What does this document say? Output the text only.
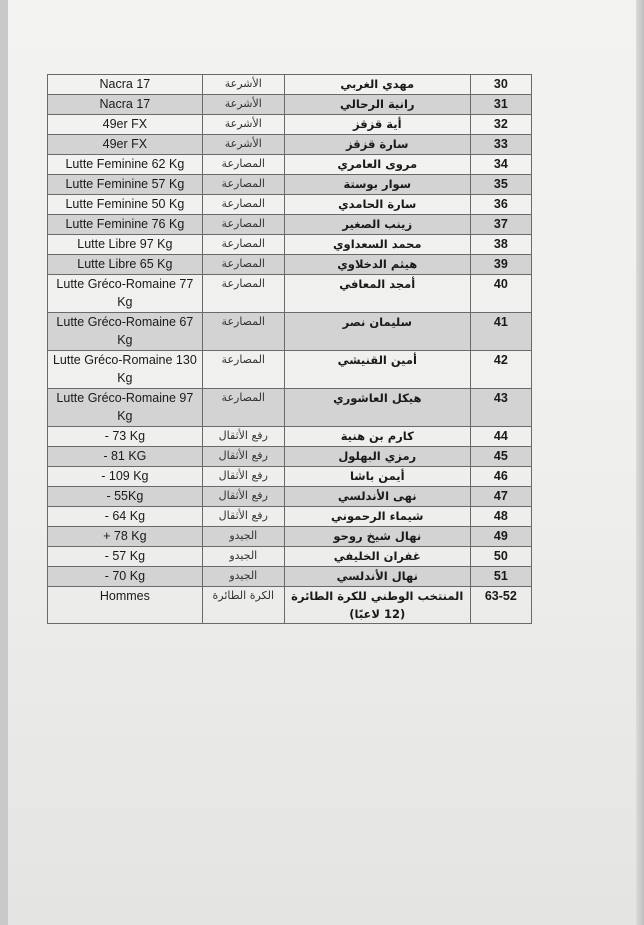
Nacra 17	الأشرعة	مهدي الغربي	30
Nacra 17	الأشرعة	رانية الرحالي	31
49er FX	الأشرعة	أية قزقز	32
49er FX	الأشرعة	سارة قزقز	33
Lutte Feminine 62 Kg	المصارعة	مروى العامري	34
Lutte Feminine 57 Kg	المصارعة	سوار بوستة	35
Lutte Feminine 50 Kg	المصارعة	سارة الحامدي	36
Lutte Feminine 76 Kg	المصارعة	زينب الصغير	37
Lutte Libre 97 Kg	المصارعة	محمد السعداوي	38
Lutte Libre 65 Kg	المصارعة	هيثم الدخلاوي	39
Lutte Gréco-Romaine 77 Kg	المصارعة	أمجد المعافي	40
Lutte Gréco-Romaine 67 Kg	المصارعة	سليمان نصر	41
Lutte Gréco-Romaine 130 Kg	المصارعة	أمين القنيشي	42
Lutte Gréco-Romaine 97 Kg	المصارعة	هيكل العاشوري	43
- 73 Kg	رفع الأثقال	كارم بن هنية	44
- 81 KG	رفع الأثقال	رمزي البهلول	45
- 109 Kg	رفع الأثقال	أيمن باشا	46
- 55Kg	رفع الأثقال	نهى الأندلسي	47
- 64 Kg	رفع الأثقال	شيماء الرحموني	48
+ 78 Kg	الجيدو	نهال شيخ روحو	49
- 57 Kg	الجيدو	غفران الخليفي	50
- 70 Kg	الجيدو	نهال الأندلسي	51
Hommes	الكرة الطائرة	المنتخب الوطني للكرة الطائرة (12 لاعبًا)	63-52
